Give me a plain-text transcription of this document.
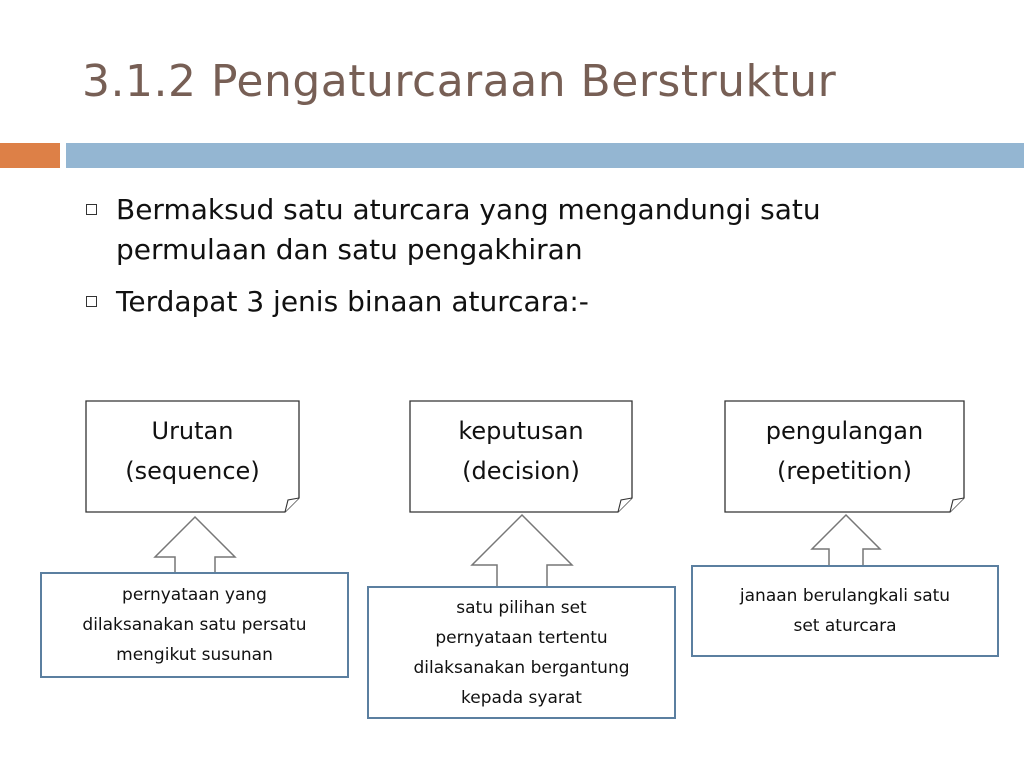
3.1.2 Pengaturcaraan Berstruktur
Bermaksud satu aturcara yang mengandungi satu
permulaan dan satu pengakhiran
Terdapat 3 jenis binaan aturcara:-
Urutan
(sequence)
keputusan
(decision)
pengulangan
(repetition)
pernyataan yang
dilaksanakan satu persatu
mengikut susunan
satu pilihan set
pernyataan tertentu
dilaksanakan bergantung
kepada syarat
janaan berulangkali satu
set aturcara
